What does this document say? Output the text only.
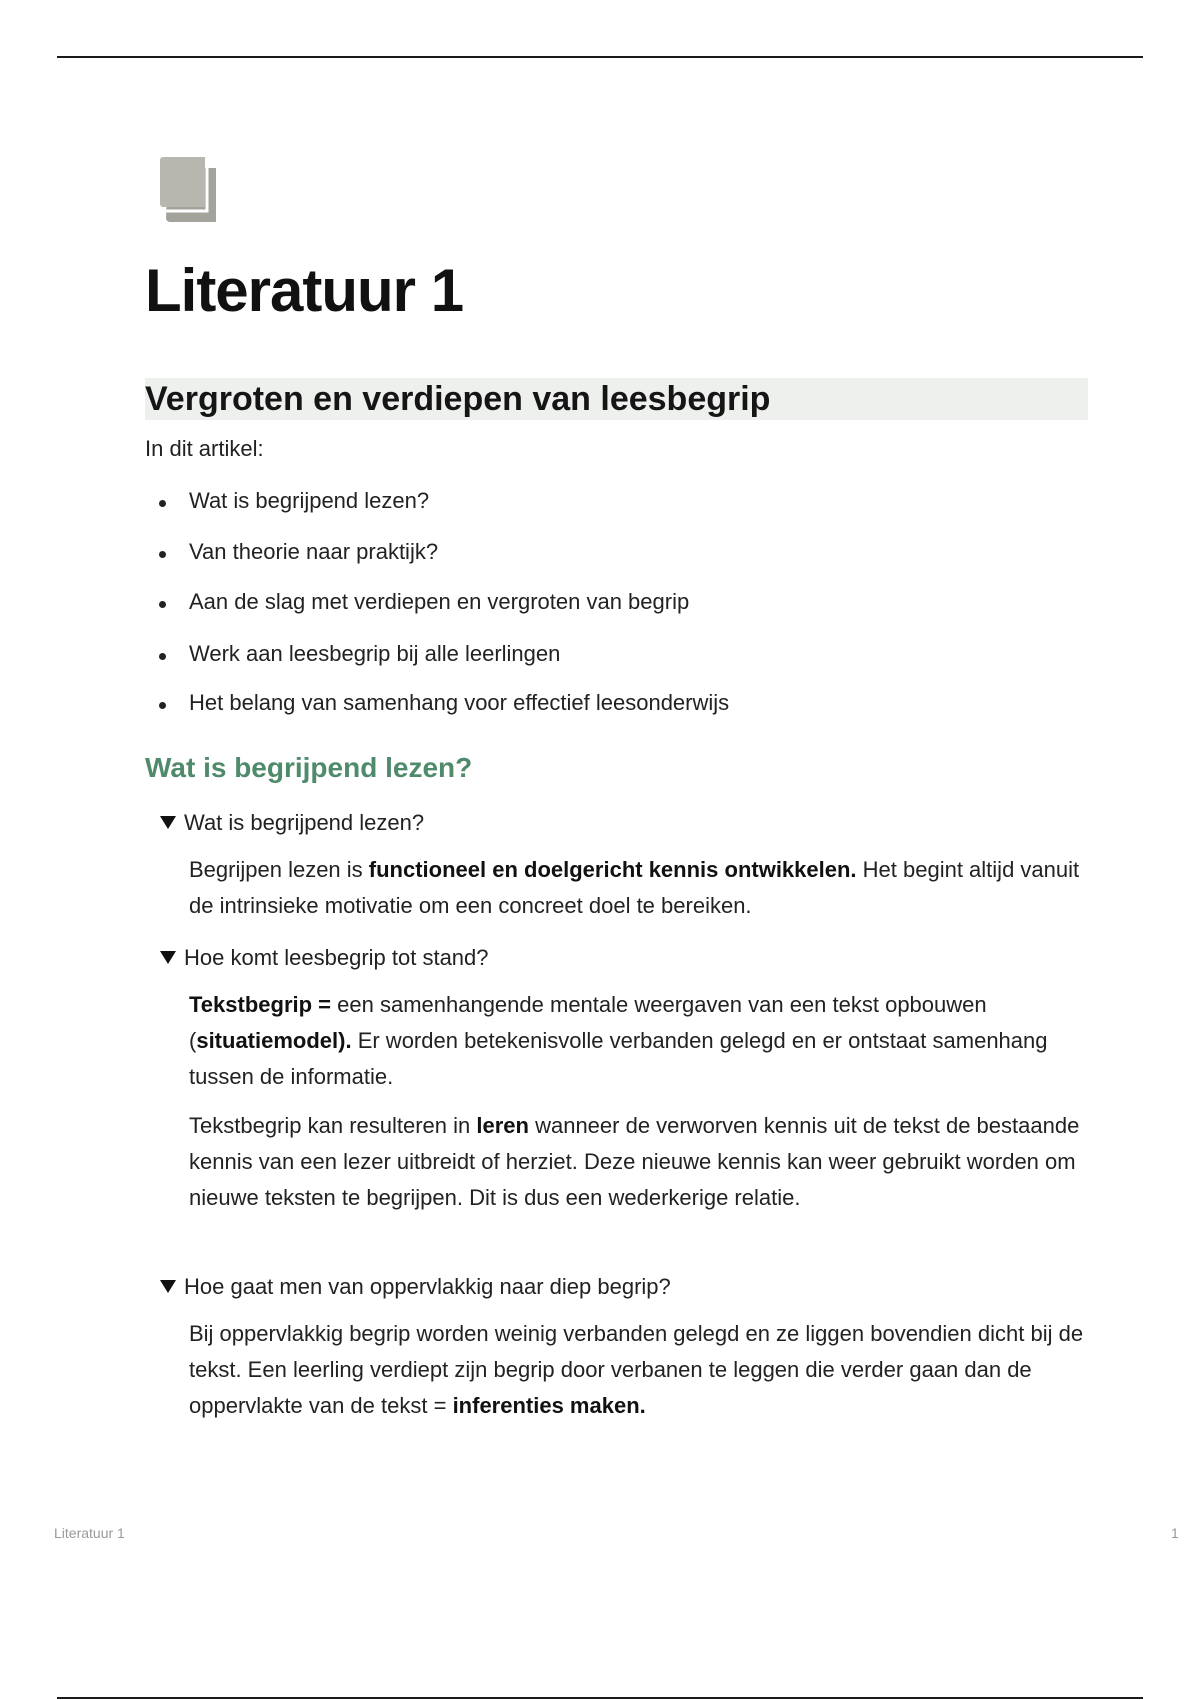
Literatuur 1
Vergroten en verdiepen van leesbegrip
In dit artikel:
Wat is begrijpend lezen?
Van theorie naar praktijk?
Aan de slag met verdiepen en vergroten van begrip
Werk aan leesbegrip bij alle leerlingen
Het belang van samenhang voor effectief leesonderwijs
Wat is begrijpend lezen?
Wat is begrijpend lezen?

Begrijpen lezen is functioneel en doelgericht kennis ontwikkelen. Het begint altijd vanuit de intrinsieke motivatie om een concreet doel te bereiken.

Hoe komt leesbegrip tot stand?

Tekstbegrip = een samenhangende mentale weergaven van een tekst opbouwen (situatiemodel). Er worden betekenisvolle verbanden gelegd en er ontstaat samenhang tussen de informatie.

Tekstbegrip kan resulteren in leren wanneer de verworven kennis uit de tekst de bestaande kennis van een lezer uitbreidt of herziet. Deze nieuwe kennis kan weer gebruikt worden om nieuwe teksten te begrijpen. Dit is dus een wederkerige relatie.

Hoe gaat men van oppervlakkig naar diep begrip?

Bij oppervlakkig begrip worden weinig verbanden gelegd en ze liggen bovendien dicht bij de tekst. Een leerling verdiept zijn begrip door verbanen te leggen die verder gaan dan de oppervlakte van de tekst = inferenties maken.

Literatuur 1	1
